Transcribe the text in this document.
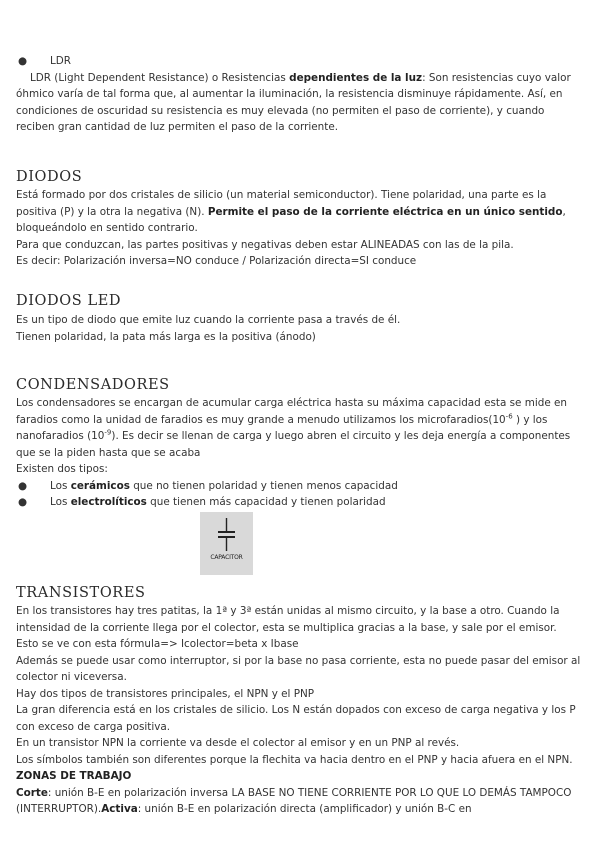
● LDR

LDR (Light Dependent Resistance) o Resistencias dependientes de la luz: Son resistencias cuyo valor óhmico varía de tal forma que, al aumentar la iluminación, la resistencia disminuye rápidamente. Así, en condiciones de oscuridad su resistencia es muy elevada (no permiten el paso de corriente), y cuando reciben gran cantidad de luz permiten el paso de la corriente.

DIODOS

Está formado por dos cristales de silicio (un material semiconductor). Tiene polaridad, una parte es la positiva (P) y la otra la negativa (N). Permite el paso de la corriente eléctrica en un único sentido, bloqueándolo en sentido contrario.

Para que conduzcan, las partes positivas y negativas deben estar ALINEADAS con las de la pila.

Es decir: Polarización inversa=NO conduce / Polarización directa=SI conduce

DIODOS LED

Es un tipo de diodo que emite luz cuando la corriente pasa a través de él.

Tienen polaridad, la pata más larga es la positiva (ánodo)

CONDENSADORES

Los condensadores se encargan de acumular carga eléctrica hasta su máxima capacidad esta se mide en faradios como la unidad de faradios es muy grande a menudo utilizamos los $microfaradios(10^{-6}$ ) y los nanofaradios $(10^{-9})$. Es decir se llenan de carga y luego abren el circuito y les deja energía a componentes que se la piden hasta que se acaba

Existen dos tipos:

● Los cerámicos que no tienen polaridad y tienen menos capacidad
● Los electrolíticos que tienen más capacidad y tienen polaridad
CAPACITOR
TRANSISTORES

En los transistores hay tres patitas, la 1ª y 3ª están unidas al mismo circuito, y la base a otro. Cuando la intensidad de la corriente llega por el colector, esta se multiplica gracias a la base, y sale por el emisor.

Esto se ve con esta fórmula=> Icolector=beta x Ibase

Además se puede usar como interruptor, si por la base no pasa corriente, esta no puede pasar del emisor al colector ni viceversa.

Hay dos tipos de transistores principales, el NPN y el PNP

La gran diferencia está en los cristales de silicio. Los N están dopados con exceso de carga negativa y los P con exceso de carga positiva.

En un transistor NPN la corriente va desde el colector al emisor y en un PNP al revés.

Los símbolos también son diferentes porque la flechita va hacia dentro en el PNP y hacia afuera en el NPN.

ZONAS DE TRABAJO

Corte: unión B-E en polarización inversa LA BASE NO TIENE CORRIENTE POR LO QUE LO DEMÁS TAMPOCO (INTERRUPTOR).Activa: unión B-E en polarización directa (amplificador) y unión B-C en
